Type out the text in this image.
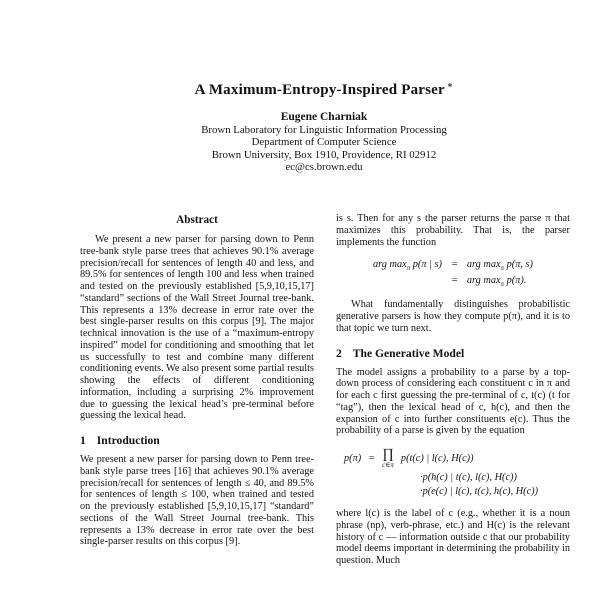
A Maximum-Entropy-Inspired Parser ∗
Eugene Charniak
Brown Laboratory for Linguistic Information Processing
Department of Computer Science
Brown University, Box 1910, Providence, RI 02912
ec@cs.brown.edu
Abstract

We present a new parser for parsing down to Penn tree-bank style parse trees that achieves 90.1% average precision/recall for sentences of length 40 and less, and 89.5% for sentences of length 100 and less when trained and tested on the previously established [5,9,10,15,17] “standard” sections of the Wall Street Journal tree-bank. This represents a 13% decrease in error rate over the best single-parser results on this corpus [9]. The major technical innovation is the use of a “maximum-entropy inspired” model for conditioning and smoothing that let us successfully to test and combine many different conditioning events. We also present some partial results showing the effects of different conditioning information, including a surprising 2% improvement due to guessing the lexical head’s pre-terminal before guessing the lexical head.

1 Introduction

We present a new parser for parsing down to Penn tree-bank style parse trees [16] that achieves 90.1% average precision/recall for sentences of length ≤ 40, and 89.5% for sentences of length ≤ 100, when trained and tested on the previously established [5,9,10,15,17] “standard” sections of the Wall Street Journal tree-bank. This represents a 13% decrease in error rate over the best single-parser results on this corpus [9].

is s. Then for any s the parser returns the parse π that maximizes this probability. That is, the parser implements the function

arg $\max_\pi p(\pi$ | s) = arg $\max_\pi p(\pi$, s)
= arg $\max_\pi p(\pi)$.

What fundamentally distinguishes probabilistic generative parsers is how they compute p(π), and it is to that topic we turn next.

2 The Generative Model

The model assigns a probability to a parse by a top-down process of considering each constituent c in π and for each c first guessing the pre-terminal of c, t(c) (t for “tag”), then the lexical head of c, h(c), and then the expansion of c into further constituents e(c). Thus the probability of a parse is given by the equation

p(π) = ∏
c∈π
p(t(c) | l(c), H(c))
·p(h(c) | t(c), l(c), H(c))
·p(e(c) | l(c), t(c), h(c), H(c))

where l(c) is the label of c (e.g., whether it is a noun phrase (np), verb-phrase, etc.) and H(c) is the relevant history of c — information outside c that our probability model deems important in determining the probability in question. Much
